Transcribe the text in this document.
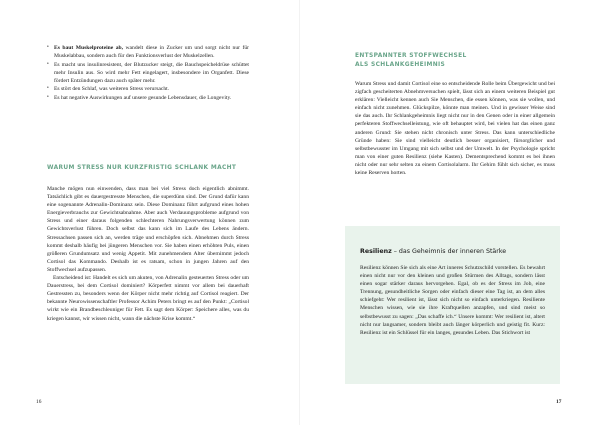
• Es baut Muskelproteine ab, wandelt diese in Zucker um und sorgt nicht nur für Muskelabbau, sondern auch für den Funktionsverlust der Muskelzellen.
• Es macht uns insulinresistent, der Blutzucker steigt, die Bauchspeicheldrüse schüttet mehr Insulin aus. So wird mehr Fett eingelagert, insbesondere im Organfett. Diese fördert Entzündungen dazu auch später mehr.
• Es stört den Schlaf, was weiteren Stress verursacht.
• Es hat negative Auswirkungen auf unsere gesunde Lebensdauer, die Longevity.
WARUM STRESS NUR KURZFRISTIG SCHLANK MACHT

Manche mögen nun einwenden, dass man bei viel Stress doch eigentlich abnimmt. Tatsächlich gibt es dauergestresste Menschen, die superdünn sind. Der Grund dafür kann eine sogenannte Adrenalin-Dominanz sein. Diese Dominanz führt aufgrund eines hohen Energieverbrauchs zur Gewichtsabnahme. Aber auch Verdauungsprobleme aufgrund von Stress und einer daraus folgenden schlechteren Nahrungsverwertung können zum Gewichtsverlust führen. Doch selbst das kann sich im Laufe des Lebens ändern. Stressachsen passen sich an, werden träge und erschöpfen sich. Abnehmen durch Stress kommt deshalb häufig bei jüngeren Menschen vor. Sie haben einen erhöhten Puls, einen größeren Grundumsatz und wenig Appetit. Mit zunehmendem Alter übernimmt jedoch Cortisol das Kommando. Deshalb ist es ratsam, schon in jungen Jahren auf den Stoffwechsel aufzupassen.

Entscheidend ist: Handelt es sich um akuten, von Adrenalin gesteuerten Stress oder um Dauerstress, bei dem Cortisol dominiert? Körperfett nimmt vor allem bei dauerhaft Gestressten zu, besonders wenn der Körper nicht mehr richtig auf Cortisol reagiert. Der bekannte Neurowissenschaftler Professor Achim Peters bringt es auf den Punkt: „Cortisol wirkt wie ein Brandbeschleuniger für Fett. Es sagt dem Körper: Speichere alles, was du kriegen kannst, wir wissen nicht, wann die nächste Krise kommt.“

16
ENTSPANNTER STOFFWECHSEL
ALS SCHLANKGEHEIMNIS

Warum Stress und damit Cortisol eine so entscheidende Rolle beim Übergewicht und bei zigfach gescheiterten Abnehmversuchen spielt, lässt sich an einem weiteren Beispiel gut erklären: Vielleicht kennen auch Sie Menschen, die essen können, was sie wollen, und einfach nicht zunehmen. Glückspilze, könnte man meinen. Und in gewisser Weise sind sie das auch. Ihr Schlankgeheimnis liegt nicht nur in den Genen oder in einer allgemein perfekteren Stoffwechselleistung, wie oft behauptet wird, bei vielen hat das einen ganz anderen Grund: Sie stehen nicht chronisch unter Stress. Das kann unterschiedliche Gründe haben: Sie sind vielleicht deutlich besser organisiert, fürsorglicher und selbstbewusster im Umgang mit sich selbst und der Umwelt. In der Psychologie spricht man von einer guten Resilienz (siehe Kasten). Dementsprechend kommt es bei ihnen nicht oder nur sehr selten zu einem Cortisolalarm. Ihr Gehirn fühlt sich sicher, es muss keine Reserven horten.

Resilienz – das Geheimnis der inneren Stärke
Resilienz können Sie sich als eine Art inneres Schutzschild vorstellen. Es bewahrt einen nicht nur vor den kleinen und großen Stürmen des Alltags, sondern lässt einen sogar stärker daraus hervorgehen. Egal, ob es der Stress im Job, eine Trennung, gesundheitliche Sorgen oder einfach dieser eine Tag ist, an dem alles schiefgeht: Wer resilient ist, lässt sich nicht so einfach unterkriegen. Resiliente Menschen wissen, wie sie ihre Kraftquellen anzapfen, und sind meist so selbstbewusst zu sagen: „Das schaffe ich.“ Unsere kommt: Wer resilient ist, altert nicht nur langsamer, sondern bleibt auch länger körperlich und geistig fit. Kurz: Resilienz ist ein Schlüssel für ein langes, gesundes Leben. Das Stichwort ist
17
